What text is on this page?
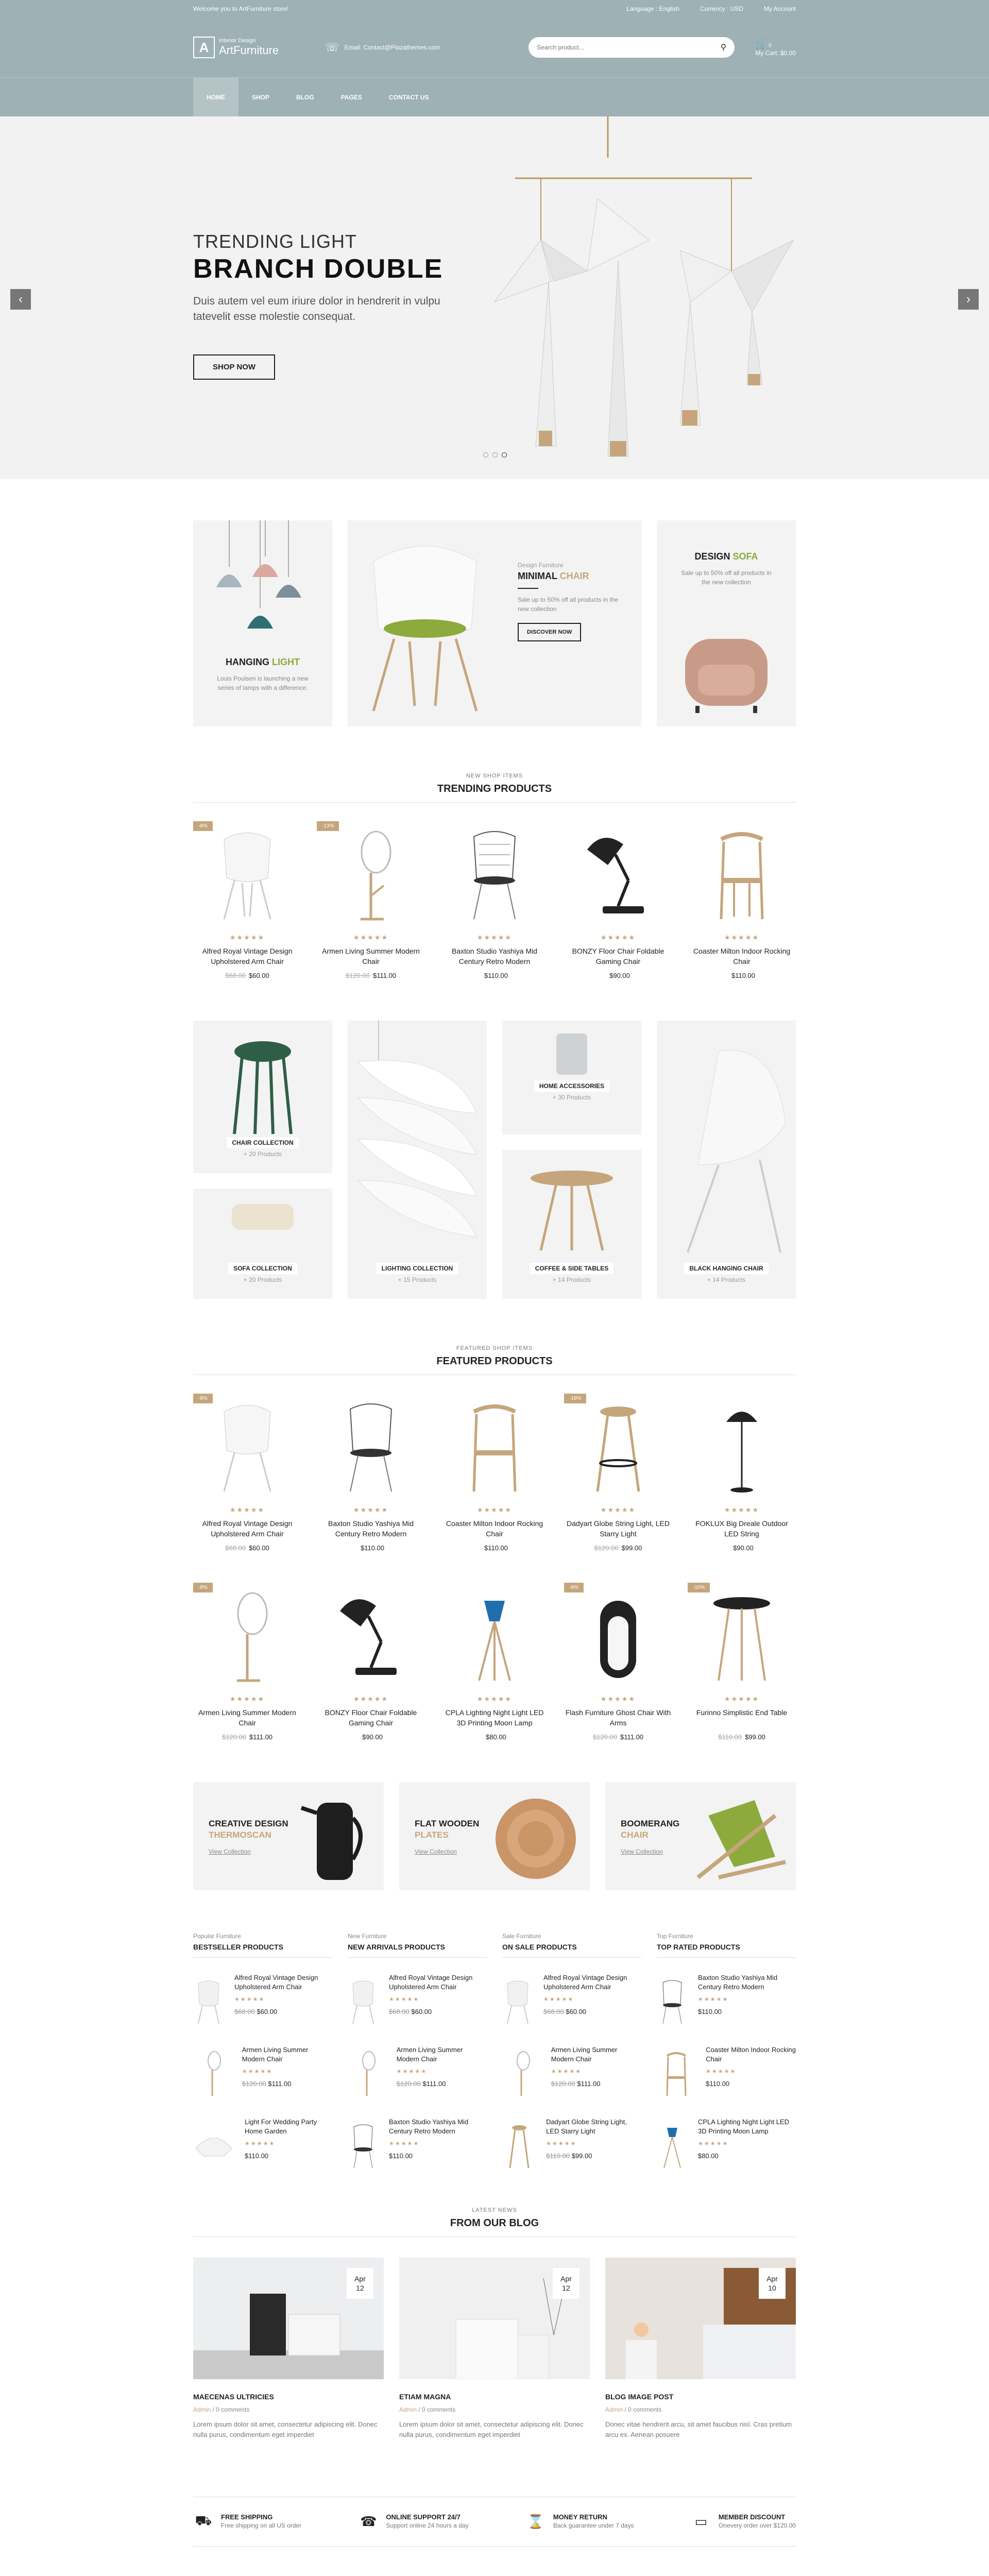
Welcome you to ArtFurniture store!	Language : English	Currency : USD	My Account
A	Interior Design
ArtFurniture	☏ Email: Contact@Plazathemes.com
Search product...	⚲	🛒 0
My Cart: $0.00
HOME	SHOP	BLOG	PAGES	CONTACT US
‹	›
TRENDING LIGHT
BRANCH DOUBLE

Duis autem vel eum iriure dolor in hendrerit in vulpu tatevelit esse molestie consequat.

SHOP NOW
HANGING LIGHT
Louis Poulsen is launching a new series of lamps with a difference.
Design Furniture
MINIMAL CHAIR
Sale up to 50% off all products in the new collection
DISCOVER NOW
DESIGN SOFA
Sale up to 50% off all products in the new collection
NEW SHOP ITEMS
TRENDING PRODUCTS
-8%
★★★★★
Alfred Royal Vintage Design Upholstered Arm Chair
$68.00 $60.00
-13%
★★★★★
Armen Living Summer Modern Chair
$120.00 $111.00
★★★★★
Baxton Studio Yashiya Mid Century Retro Modern
$110.00
★★★★★
BONZY Floor Chair Foldable Gaming Chair
$90.00
★★★★★
Coaster Milton Indoor Rocking Chair
$110.00
CHAIR COLLECTION
+ 20 Products
SOFA COLLECTION
+ 20 Products
LIGHTING COLLECTION
+ 15 Products
HOME ACCESSORIES
+ 30 Products
COFFEE & SIDE TABLES
+ 14 Products
BLACK HANGING CHAIR
+ 14 Products
FEATURED SHOP ITEMS
FEATURED PRODUCTS
-8%
★★★★★
Alfred Royal Vintage Design Upholstered Arm Chair
$68.00 $60.00
★★★★★
Baxton Studio Yashiya Mid Century Retro Modern
$110.00
★★★★★
Coaster Milton Indoor Rocking Chair
$110.00
-18%
★★★★★
Dadyart Globe String Light, LED Starry Light
$120.00 $99.00
★★★★★
FOKLUX Big Dreale Outdoor LED String
$90.00
-8%
★★★★★
Armen Living Summer Modern Chair
$120.00 $111.00
★★★★★
BONZY Floor Chair Foldable Gaming Chair
$90.00
★★★★★
CPLA Lighting Night Light LED 3D Printing Moon Lamp
$80.00
-8%
★★★★★
Flash Furniture Ghost Chair With Arms
$120.00 $111.00
-10%
★★★★★
Furinno Simplistic End Table
$110.00 $99.00
CREATIVE DESIGN
THERMOSCAN
View Collection
FLAT WOODEN
PLATES
View Collection
BOOMERANG
CHAIR
View Collection
Popular Furniture
BESTSELLER PRODUCTS
Alfred Royal Vintage Design Upholstered Arm Chair
★★★★★
$68.00 $60.00
Armen Living Summer Modern Chair
★★★★★
$120.00 $111.00
Light For Wedding Party Home Garden
★★★★★
$110.00
New Furniture
NEW ARRIVALS PRODUCTS
Alfred Royal Vintage Design Upholstered Arm Chair
★★★★★
$68.00 $60.00
Armen Living Summer Modern Chair
★★★★★
$120.00 $111.00
Baxton Studio Yashiya Mid Century Retro Modern
★★★★★
$110.00
Sale Furniture
ON SALE PRODUCTS
Alfred Royal Vintage Design Upholstered Arm Chair
★★★★★
$68.00 $60.00
Armen Living Summer Modern Chair
★★★★★
$120.00 $111.00
Dadyart Globe String Light, LED Starry Light
★★★★★
$110.00 $99.00
Top Furniture
TOP RATED PRODUCTS
Baxton Studio Yashiya Mid Century Retro Modern
★★★★★
$110.00
Coaster Milton Indoor Rocking Chair
★★★★★
$110.00
CPLA Lighting Night Light LED 3D Printing Moon Lamp
★★★★★
$80.00
LATEST NEWS
FROM OUR BLOG
Apr
12
MAECENAS ULTRICIES
Admin / 0 comments

Lorem ipsum dolor sit amet, consectetur adipiscing elit. Donec nulla purus, condimentum eget imperdiet

Apr
12
ETIAM MAGNA
Admin / 0 comments

Lorem ipsum dolor sit amet, consectetur adipiscing elit. Donec nulla purus, condimentum eget imperdiet

Apr
10
BLOG IMAGE POST
Admin / 0 comments

Donec vitae hendrerit arcu, sit amet faucibus nisl. Cras pretium arcu ex. Aenean posuere

⛟ FREE SHIPPING
Free shipping on all US order	☎ ONLINE SUPPORT 24/7
Support online 24 hours a day	⌛ MONEY RETURN
Back guarantee under 7 days	▭	MEMBER DISCOUNT
Onevery order over $120.00
